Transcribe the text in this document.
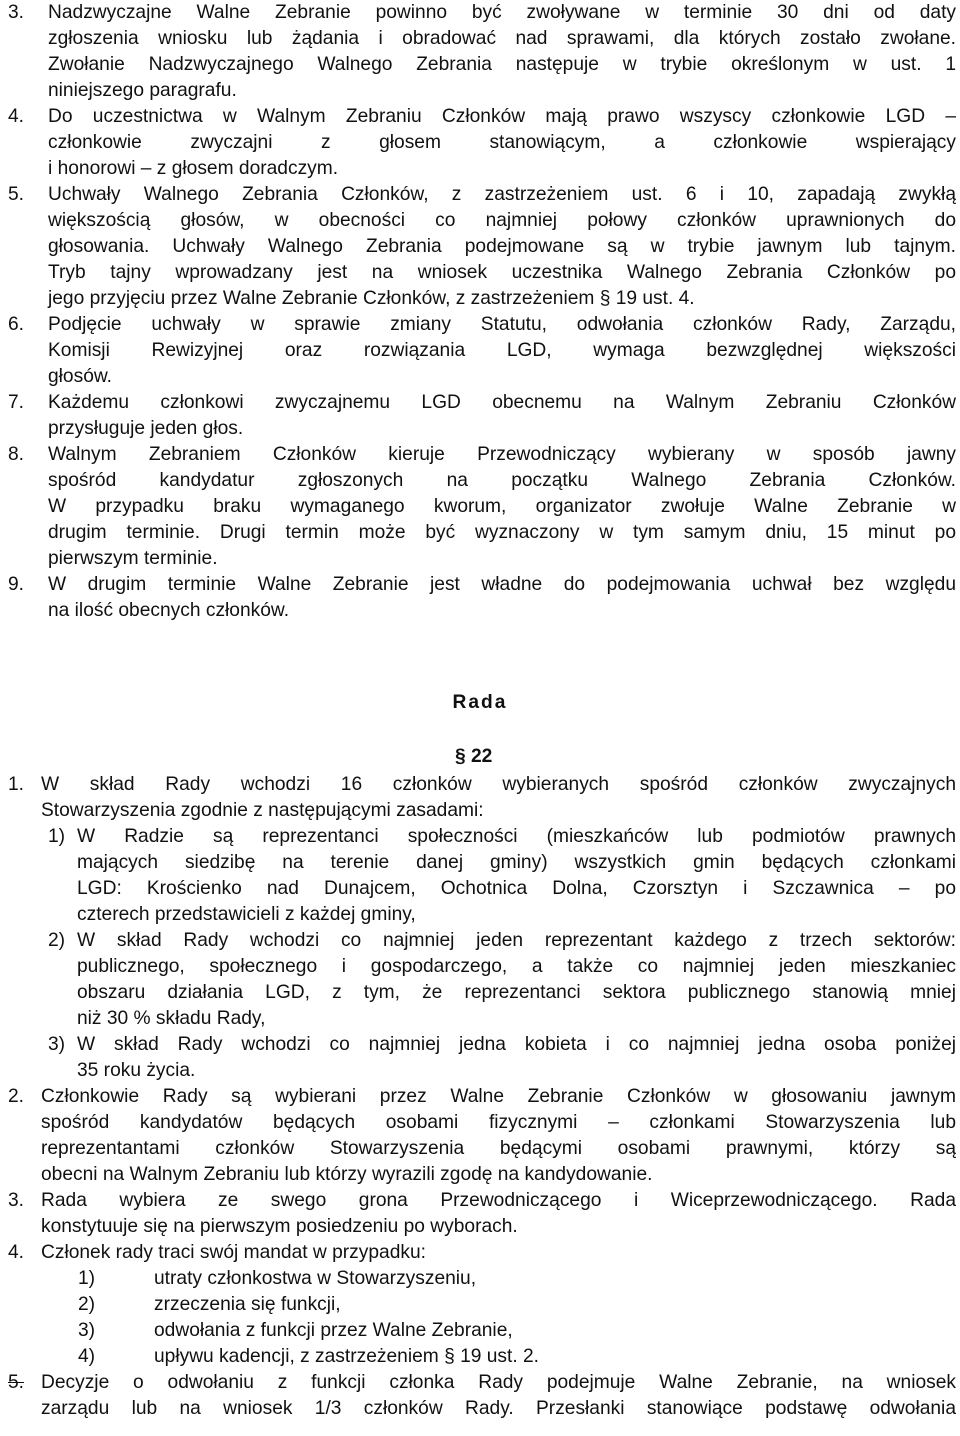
3. Nadzwyczajne Walne Zebranie powinno być zwoływane w terminie 30 dni od daty
zgłoszenia wniosku lub żądania i obradować nad sprawami, dla których zostało zwołane.
Zwołanie Nadzwyczajnego Walnego Zebrania następuje w trybie określonym w ust. 1
niniejszego paragrafu.
4. Do uczestnictwa w Walnym Zebraniu Członków mają prawo wszyscy członkowie LGD –
członkowie zwyczajni z głosem stanowiącym, a członkowie wspierający
i honorowi – z głosem doradczym.
5. Uchwały Walnego Zebrania Członków, z zastrzeżeniem ust. 6 i 10, zapadają zwykłą
większością głosów, w obecności co najmniej połowy członków uprawnionych do
głosowania. Uchwały Walnego Zebrania podejmowane są w trybie jawnym lub tajnym.
Tryb tajny wprowadzany jest na wniosek uczestnika Walnego Zebrania Członków po
jego przyjęciu przez Walne Zebranie Członków, z zastrzeżeniem § 19 ust. 4.
6. Podjęcie uchwały w sprawie zmiany Statutu, odwołania członków Rady, Zarządu,
Komisji Rewizyjnej oraz rozwiązania LGD, wymaga bezwzględnej większości
głosów.
7. Każdemu członkowi zwyczajnemu LGD obecnemu na Walnym Zebraniu Członków
przysługuje jeden głos.
8. Walnym Zebraniem Członków kieruje Przewodniczący wybierany w sposób jawny
spośród kandydatur zgłoszonych na początku Walnego Zebrania Członków.
W przypadku braku wymaganego kworum, organizator zwołuje Walne Zebranie w
drugim terminie. Drugi termin może być wyznaczony w tym samym dniu, 15 minut po
pierwszym terminie.
9. W drugim terminie Walne Zebranie jest władne do podejmowania uchwał bez względu
na ilość obecnych członków.
Rada
§ 22
1. W skład Rady wchodzi 16 członków wybieranych spośród członków zwyczajnych
Stowarzyszenia zgodnie z następującymi zasadami:
1) W Radzie są reprezentanci społeczności (mieszkańców lub podmiotów prawnych
mających siedzibę na terenie danej gminy) wszystkich gmin będących członkami
LGD: Krościenko nad Dunajcem, Ochotnica Dolna, Czorsztyn i Szczawnica – po
czterech przedstawicieli z każdej gminy,
2) W skład Rady wchodzi co najmniej jeden reprezentant każdego z trzech sektorów:
publicznego, społecznego i gospodarczego, a także co najmniej jeden mieszkaniec
obszaru działania LGD, z tym, że reprezentanci sektora publicznego stanowią mniej
niż 30 % składu Rady,
3) W skład Rady wchodzi co najmniej jedna kobieta i co najmniej jedna osoba poniżej
35 roku życia.
2. Członkowie Rady są wybierani przez Walne Zebranie Członków w głosowaniu jawnym
spośród kandydatów będących osobami fizycznymi – członkami Stowarzyszenia lub
reprezentantami członków Stowarzyszenia będącymi osobami prawnymi, którzy są
obecni na Walnym Zebraniu lub którzy wyrazili zgodę na kandydowanie.
3. Rada wybiera ze swego grona Przewodniczącego i Wiceprzewodniczącego. Rada
konstytuuje się na pierwszym posiedzeniu po wyborach.
4. Członek rady traci swój mandat w przypadku:
1)	utraty członkostwa w Stowarzyszeniu,
2)	zrzeczenia się funkcji,
3)	odwołania z funkcji przez Walne Zebranie,
4)	upływu kadencji, z zastrzeżeniem § 19 ust. 2.
5. Decyzje o odwołaniu z funkcji członka Rady podejmuje Walne Zebranie, na wniosek
zarządu lub na wniosek 1/3 członków Rady. Przesłanki stanowiące podstawę odwołania
